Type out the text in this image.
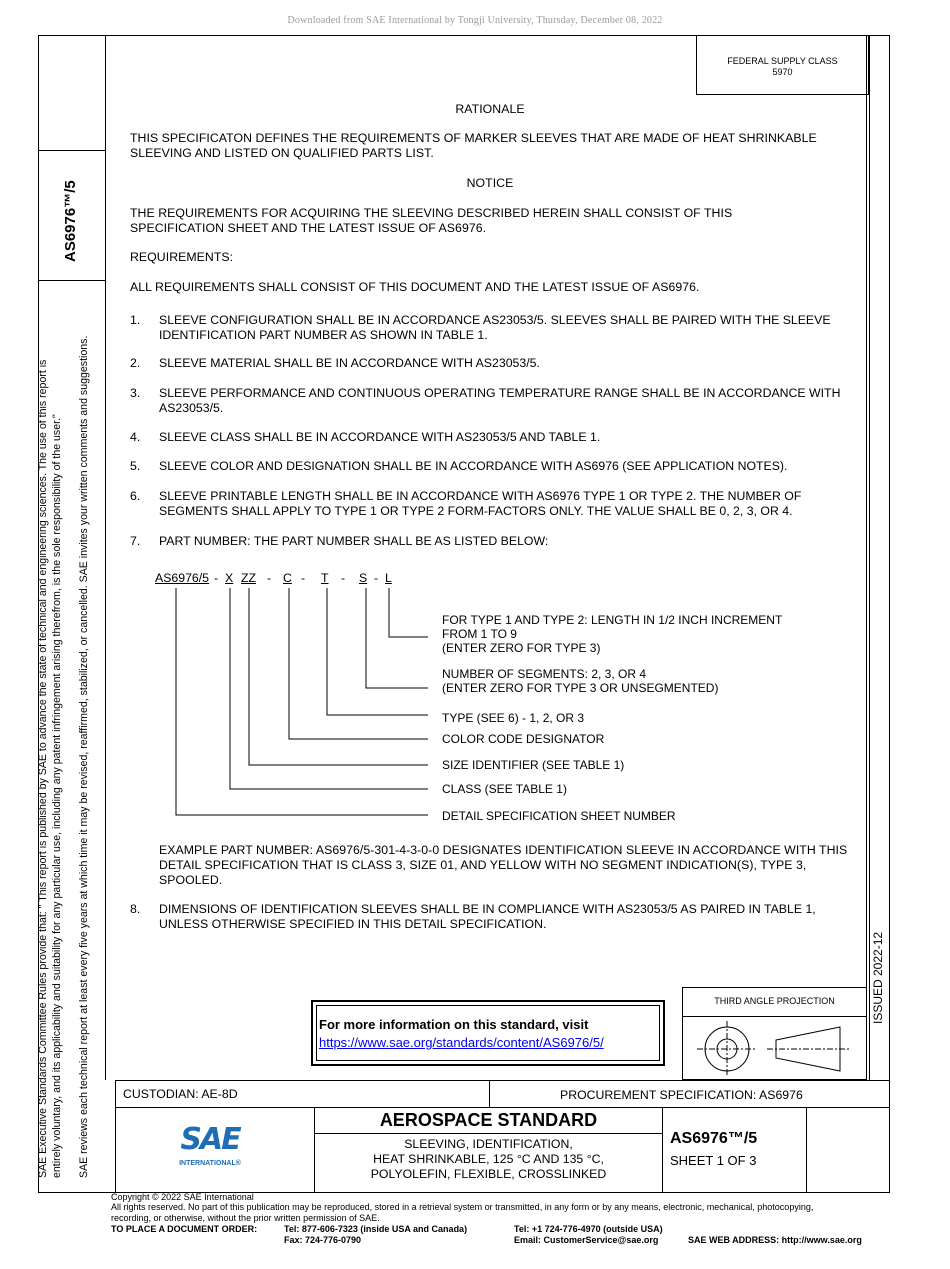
Downloaded from SAE International by Tongji University, Thursday, December 08, 2022
AS6976™/5
SAE Executive Standards Committee Rules provide that: " This report is published by SAE to advance the state of technical and engineering sciences. The use of this report is entirely voluntary, and its applicability and suitability for any particular use, including any patent infringement arising therefrom, is the sole responsibility of the user." SAE reviews each technical report at least every five years at which time it may be revised, reaffirmed, stabilized, or cancelled. SAE invites your written comments and suggestions.	ISSUED 2022-12
FEDERAL SUPPLY CLASS
5970
RATIONALE
THIS SPECIFICATON DEFINES THE REQUIREMENTS OF MARKER SLEEVES THAT ARE MADE OF HEAT SHRINKABLE SLEEVING AND LISTED ON QUALIFIED PARTS LIST.
NOTICE
THE REQUIREMENTS FOR ACQUIRING THE SLEEVING DESCRIBED HEREIN SHALL CONSIST OF THIS SPECIFICATION SHEET AND THE LATEST ISSUE OF AS6976.
REQUIREMENTS:
ALL REQUIREMENTS SHALL CONSIST OF THIS DOCUMENT AND THE LATEST ISSUE OF AS6976.
1. SLEEVE CONFIGURATION SHALL BE IN ACCORDANCE AS23053/5. SLEEVES SHALL BE PAIRED WITH THE SLEEVE IDENTIFICATION PART NUMBER AS SHOWN IN TABLE 1.
2. SLEEVE MATERIAL SHALL BE IN ACCORDANCE WITH AS23053/5.
3. SLEEVE PERFORMANCE AND CONTINUOUS OPERATING TEMPERATURE RANGE SHALL BE IN ACCORDANCE WITH AS23053/5.
4. SLEEVE CLASS SHALL BE IN ACCORDANCE WITH AS23053/5 AND TABLE 1.
5. SLEEVE COLOR AND DESIGNATION SHALL BE IN ACCORDANCE WITH AS6976 (SEE APPLICATION NOTES).
6. SLEEVE PRINTABLE LENGTH SHALL BE IN ACCORDANCE WITH AS6976 TYPE 1 OR TYPE 2. THE NUMBER OF SEGMENTS SHALL APPLY TO TYPE 1 OR TYPE 2 FORM-FACTORS ONLY. THE VALUE SHALL BE 0, 2, 3, OR 4.
7. PART NUMBER: THE PART NUMBER SHALL BE AS LISTED BELOW:
AS6976/5 - X ZZ - C - T - S - L
FOR TYPE 1 AND TYPE 2: LENGTH IN 1/2 INCH INCREMENT
FROM 1 TO 9
(ENTER ZERO FOR TYPE 3)
NUMBER OF SEGMENTS: 2, 3, OR 4
(ENTER ZERO FOR TYPE 3 OR UNSEGMENTED)
TYPE (SEE 6) - 1, 2, OR 3
COLOR CODE DESIGNATOR
SIZE IDENTIFIER (SEE TABLE 1)
CLASS (SEE TABLE 1)
DETAIL SPECIFICATION SHEET NUMBER
EXAMPLE PART NUMBER: AS6976/5-301-4-3-0-0 DESIGNATES IDENTIFICATION SLEEVE IN ACCORDANCE WITH THIS DETAIL SPECIFICATION THAT IS CLASS 3, SIZE 01, AND YELLOW WITH NO SEGMENT INDICATION(S), TYPE 3, SPOOLED.
8. DIMENSIONS OF IDENTIFICATION SLEEVES SHALL BE IN COMPLIANCE WITH AS23053/5 AS PAIRED IN TABLE 1, UNLESS OTHERWISE SPECIFIED IN THIS DETAIL SPECIFICATION.
For more information on this standard, visit
https://www.sae.org/standards/content/AS6976/5/
THIRD ANGLE PROJECTION
CUSTODIAN: AE-8D	PROCUREMENT SPECIFICATION: AS6976
SAE
INTERNATIONAL®
AEROSPACE STANDARD
SLEEVING, IDENTIFICATION,
HEAT SHRINKABLE, 125 °C AND 135 °C,
POLYOLEFIN, FLEXIBLE, CROSSLINKED
AS6976™/5
SHEET 1 OF 3
Copyright © 2022 SAE International
All rights reserved. No part of this publication may be reproduced, stored in a retrieval system or transmitted, in any form or by any means, electronic, mechanical, photocopying,
recording, or otherwise, without the prior written permission of SAE.
TO PLACE A DOCUMENT ORDER:	Tel: 877-606-7323 (inside USA and Canada)
Fax: 724-776-0790
Tel: +1 724-776-4970 (outside USA)
Email: CustomerService@sae.org	SAE WEB ADDRESS: http://www.sae.org
